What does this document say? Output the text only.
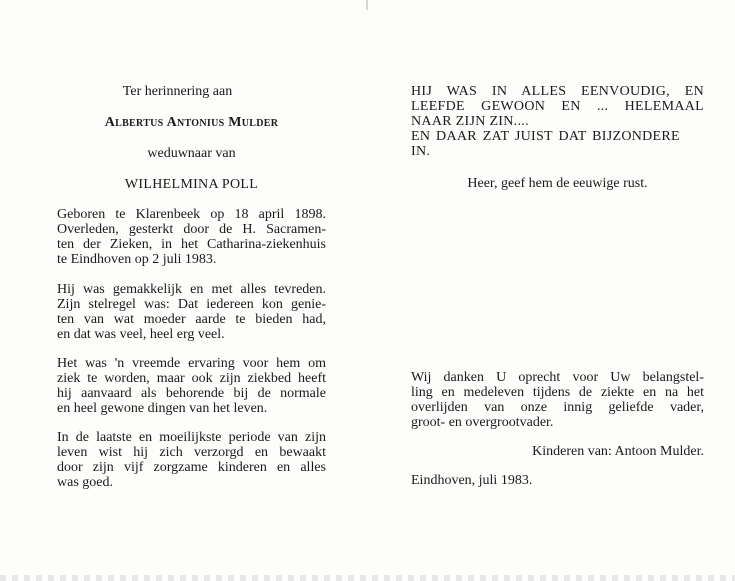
Ter herinnering aan

Albertus Antonius Mulder

weduwnaar van

WILHELMINA POLL

Geboren te Klarenbeek op 18 april 1898.
Overleden, gesterkt door de H. Sacramen-
ten der Zieken, in het Catharina-ziekenhuis
te Eindhoven op 2 juli 1983.
Hij was gemakkelijk en met alles tevreden.
Zijn stelregel was: Dat iedereen kon genie-
ten van wat moeder aarde te bieden had,
en dat was veel, heel erg veel.
Het was 'n vreemde ervaring voor hem om
ziek te worden, maar ook zijn ziekbed heeft
hij aanvaard als behorende bij de normale
en heel gewone dingen van het leven.
In de laatste en moeilijkste periode van zijn
leven wist hij zich verzorgd en bewaakt
door zijn vijf zorgzame kinderen en alles
was goed.
HIJ WAS IN ALLES EENVOUDIG, EN
LEEFDE GEWOON EN ... HELEMAAL
NAAR ZIJN ZIN....
EN DAAR ZAT JUIST DAT BIJZONDERE
IN.

Heer, geef hem de eeuwige rust.

Wij danken U oprecht voor Uw belangstel-
ling en medeleven tijdens de ziekte en na het
overlijden van onze innig geliefde vader,
groot- en overgrootvader.

Kinderen van: Antoon Mulder.

Eindhoven, juli 1983.
